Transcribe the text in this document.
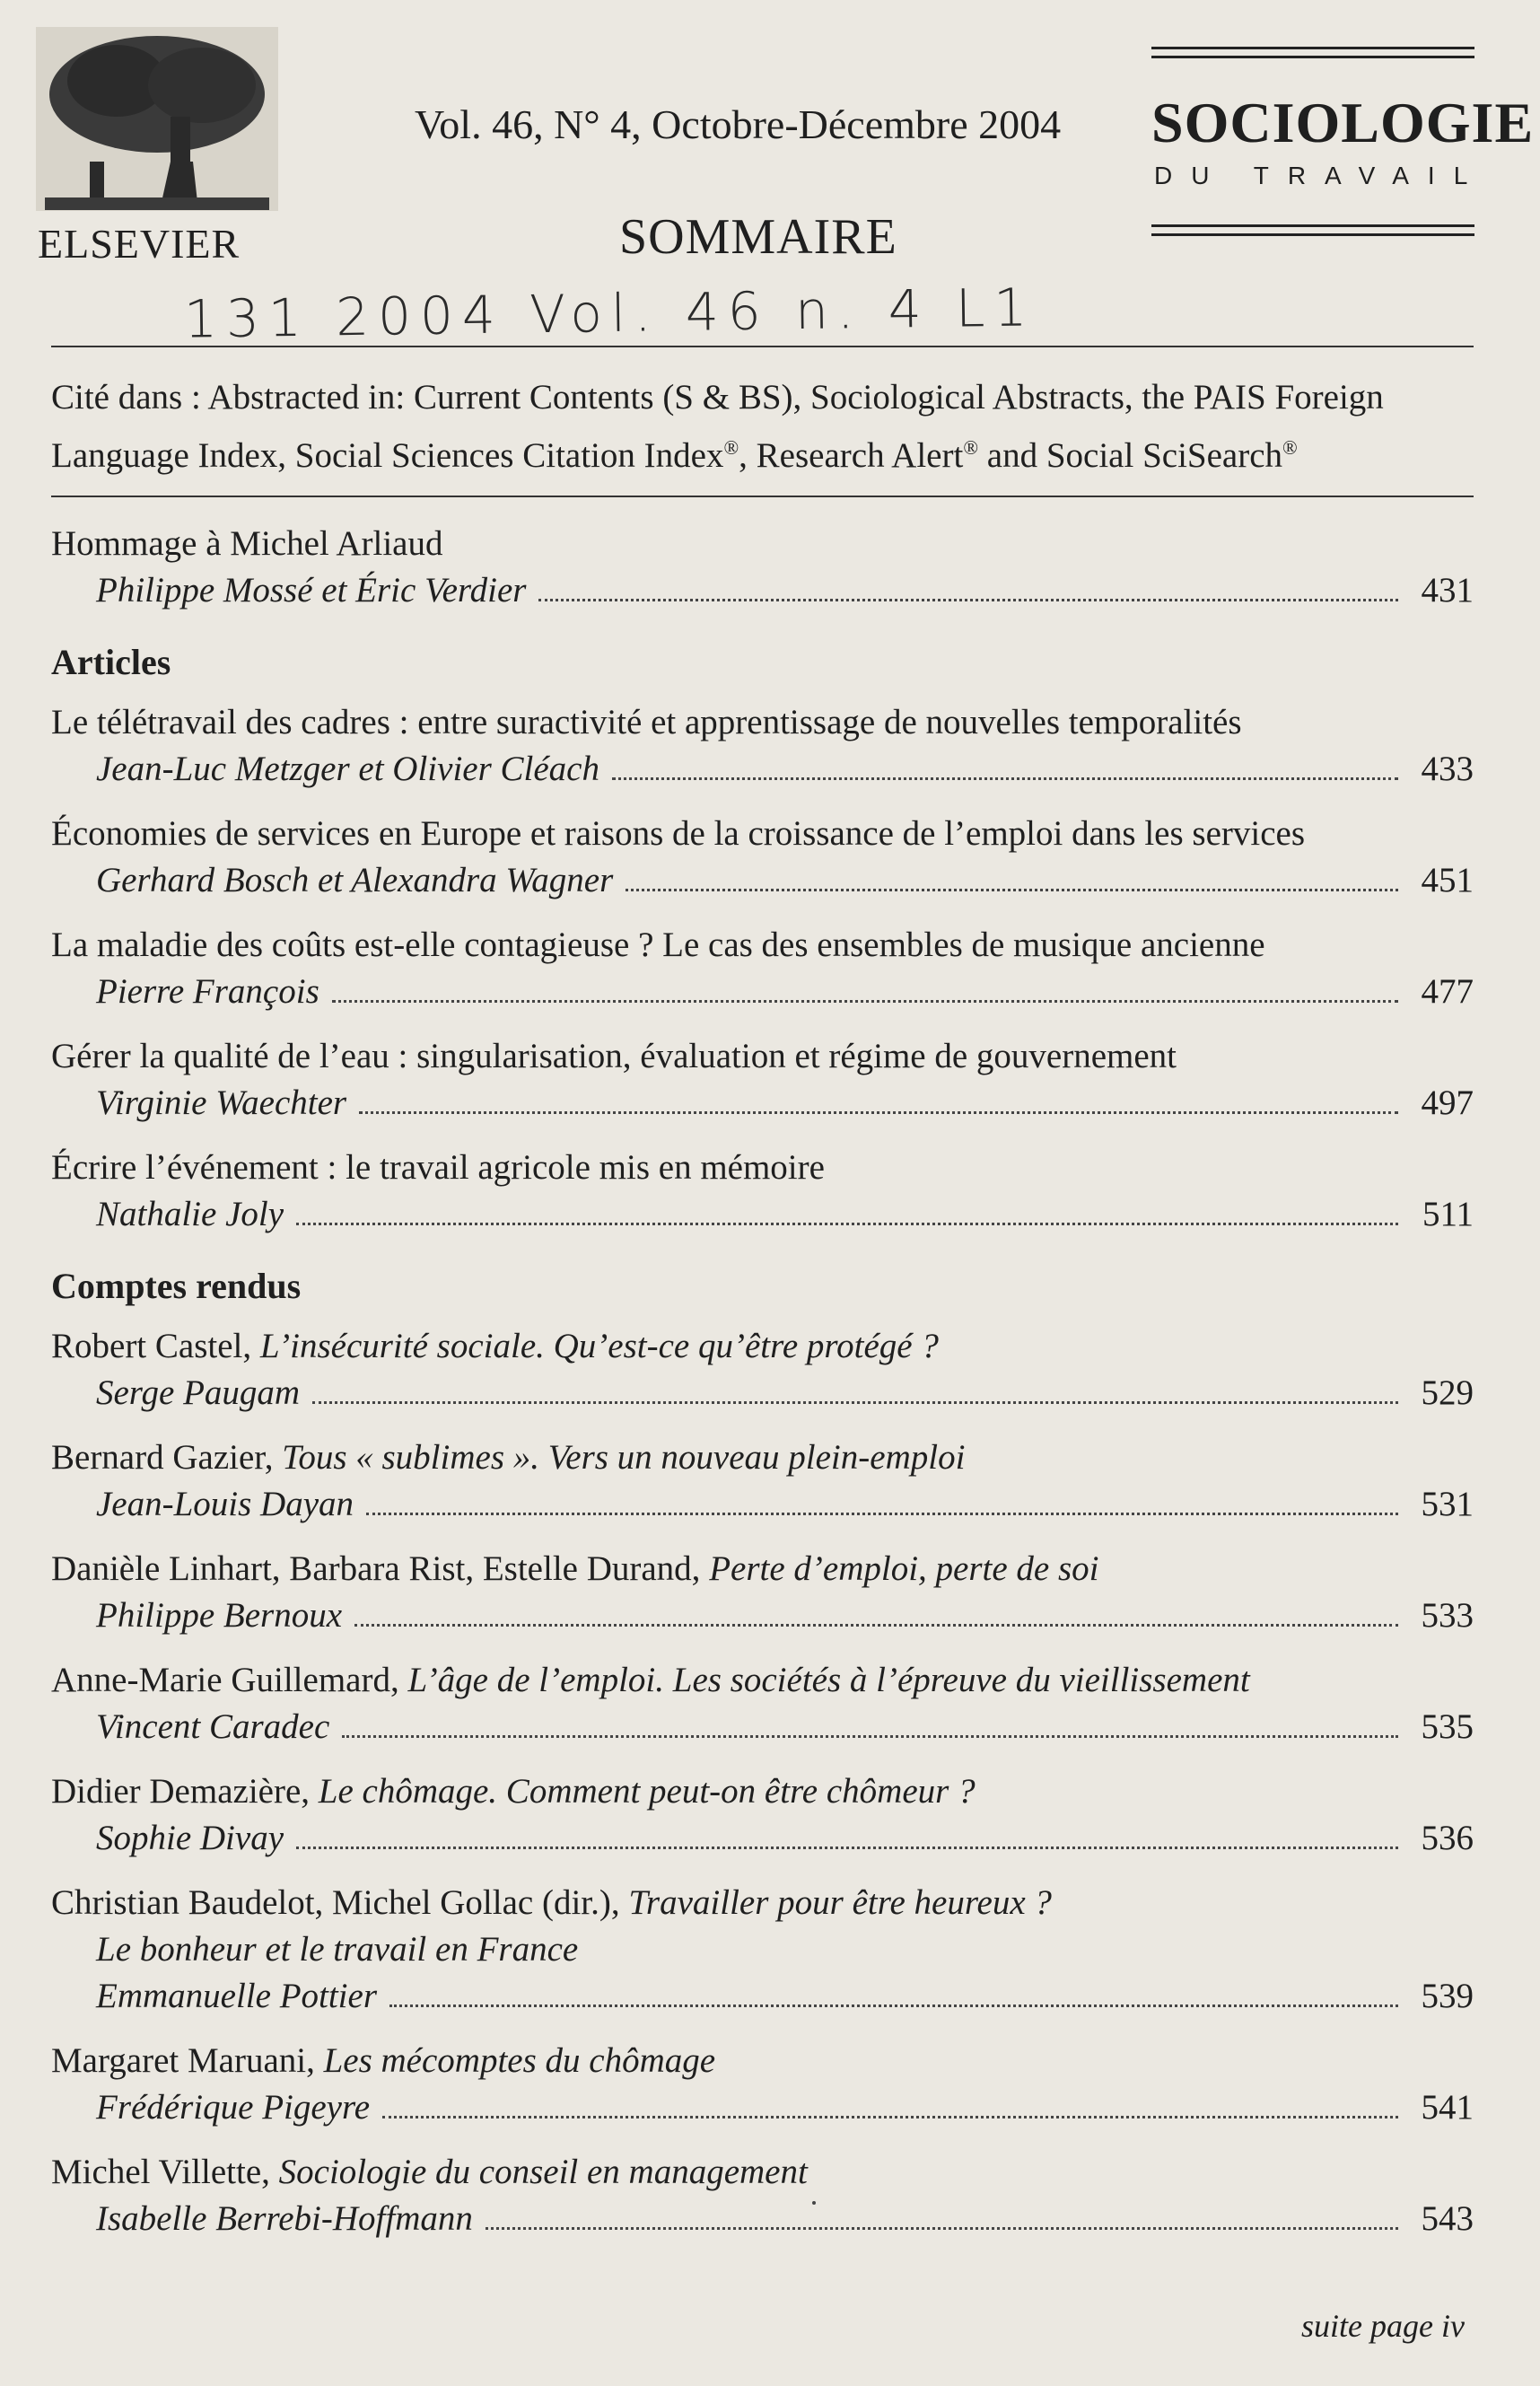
ELSEVIER
Vol. 46, N° 4, Octobre-Décembre 2004 SOCIOLOGIE
DU TRAVAIL
SOMMAIRE
131 2004 Vol. 46 n. 4 L1
Cité dans : Abstracted in: Current Contents (S & BS), Sociological Abstracts, the PAIS Foreign
Language Index, Social Sciences Citation Index®, Research Alert® and Social SciSearch®
Hommage à Michel Arliaud
Philippe Mossé et Éric Verdier	431
Articles
Le télétravail des cadres : entre suractivité et apprentissage de nouvelles temporalités
Jean-Luc Metzger et Olivier Cléach	433
Économies de services en Europe et raisons de la croissance de l’emploi dans les services
Gerhard Bosch et Alexandra Wagner	451
La maladie des coûts est-elle contagieuse ? Le cas des ensembles de musique ancienne
Pierre François	477
Gérer la qualité de l’eau : singularisation, évaluation et régime de gouvernement
Virginie Waechter	497
Écrire l’événement : le travail agricole mis en mémoire
Nathalie Joly	511
Comptes rendus
Robert Castel, L’insécurité sociale. Qu’est-ce qu’être protégé ?
Serge Paugam	529
Bernard Gazier, Tous « sublimes ». Vers un nouveau plein-emploi
Jean-Louis Dayan	531
Danièle Linhart, Barbara Rist, Estelle Durand, Perte d’emploi, perte de soi
Philippe Bernoux	533
Anne-Marie Guillemard, L’âge de l’emploi. Les sociétés à l’épreuve du vieillissement
Vincent Caradec	535
Didier Demazière, Le chômage. Comment peut-on être chômeur ?
Sophie Divay	536
Christian Baudelot, Michel Gollac (dir.), Travailler pour être heureux ?
Le bonheur et le travail en France
Emmanuelle Pottier	539
Margaret Maruani, Les mécomptes du chômage
Frédérique Pigeyre	541
Michel Villette, Sociologie du conseil en management
Isabelle Berrebi-Hoffmann	543
suite page iv
